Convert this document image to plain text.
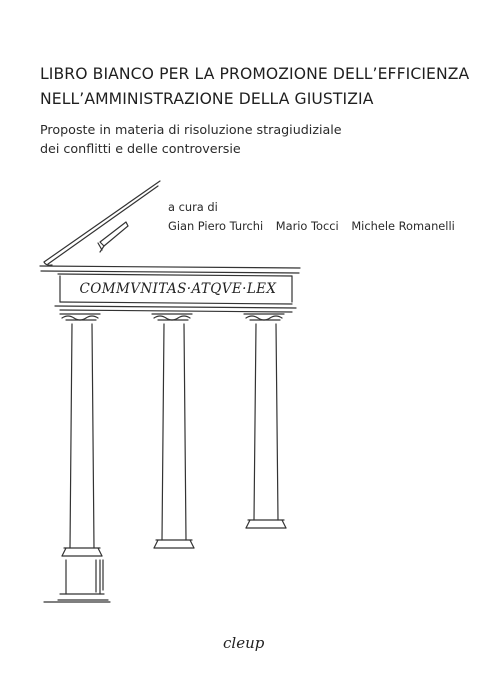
LIBRO BIANCO PER LA PROMOZIONE DELL’EFFICIENZA
NELL’AMMINISTRAZIONE DELLA GIUSTIZIA
Proposte in materia di risoluzione stragiudiziale
dei conflitti e delle controversie
a cura di
Gian Piero Turchi Mario Tocci Michele Romanelli
COMMVNITAS·ATQVE·LEX
cleup
